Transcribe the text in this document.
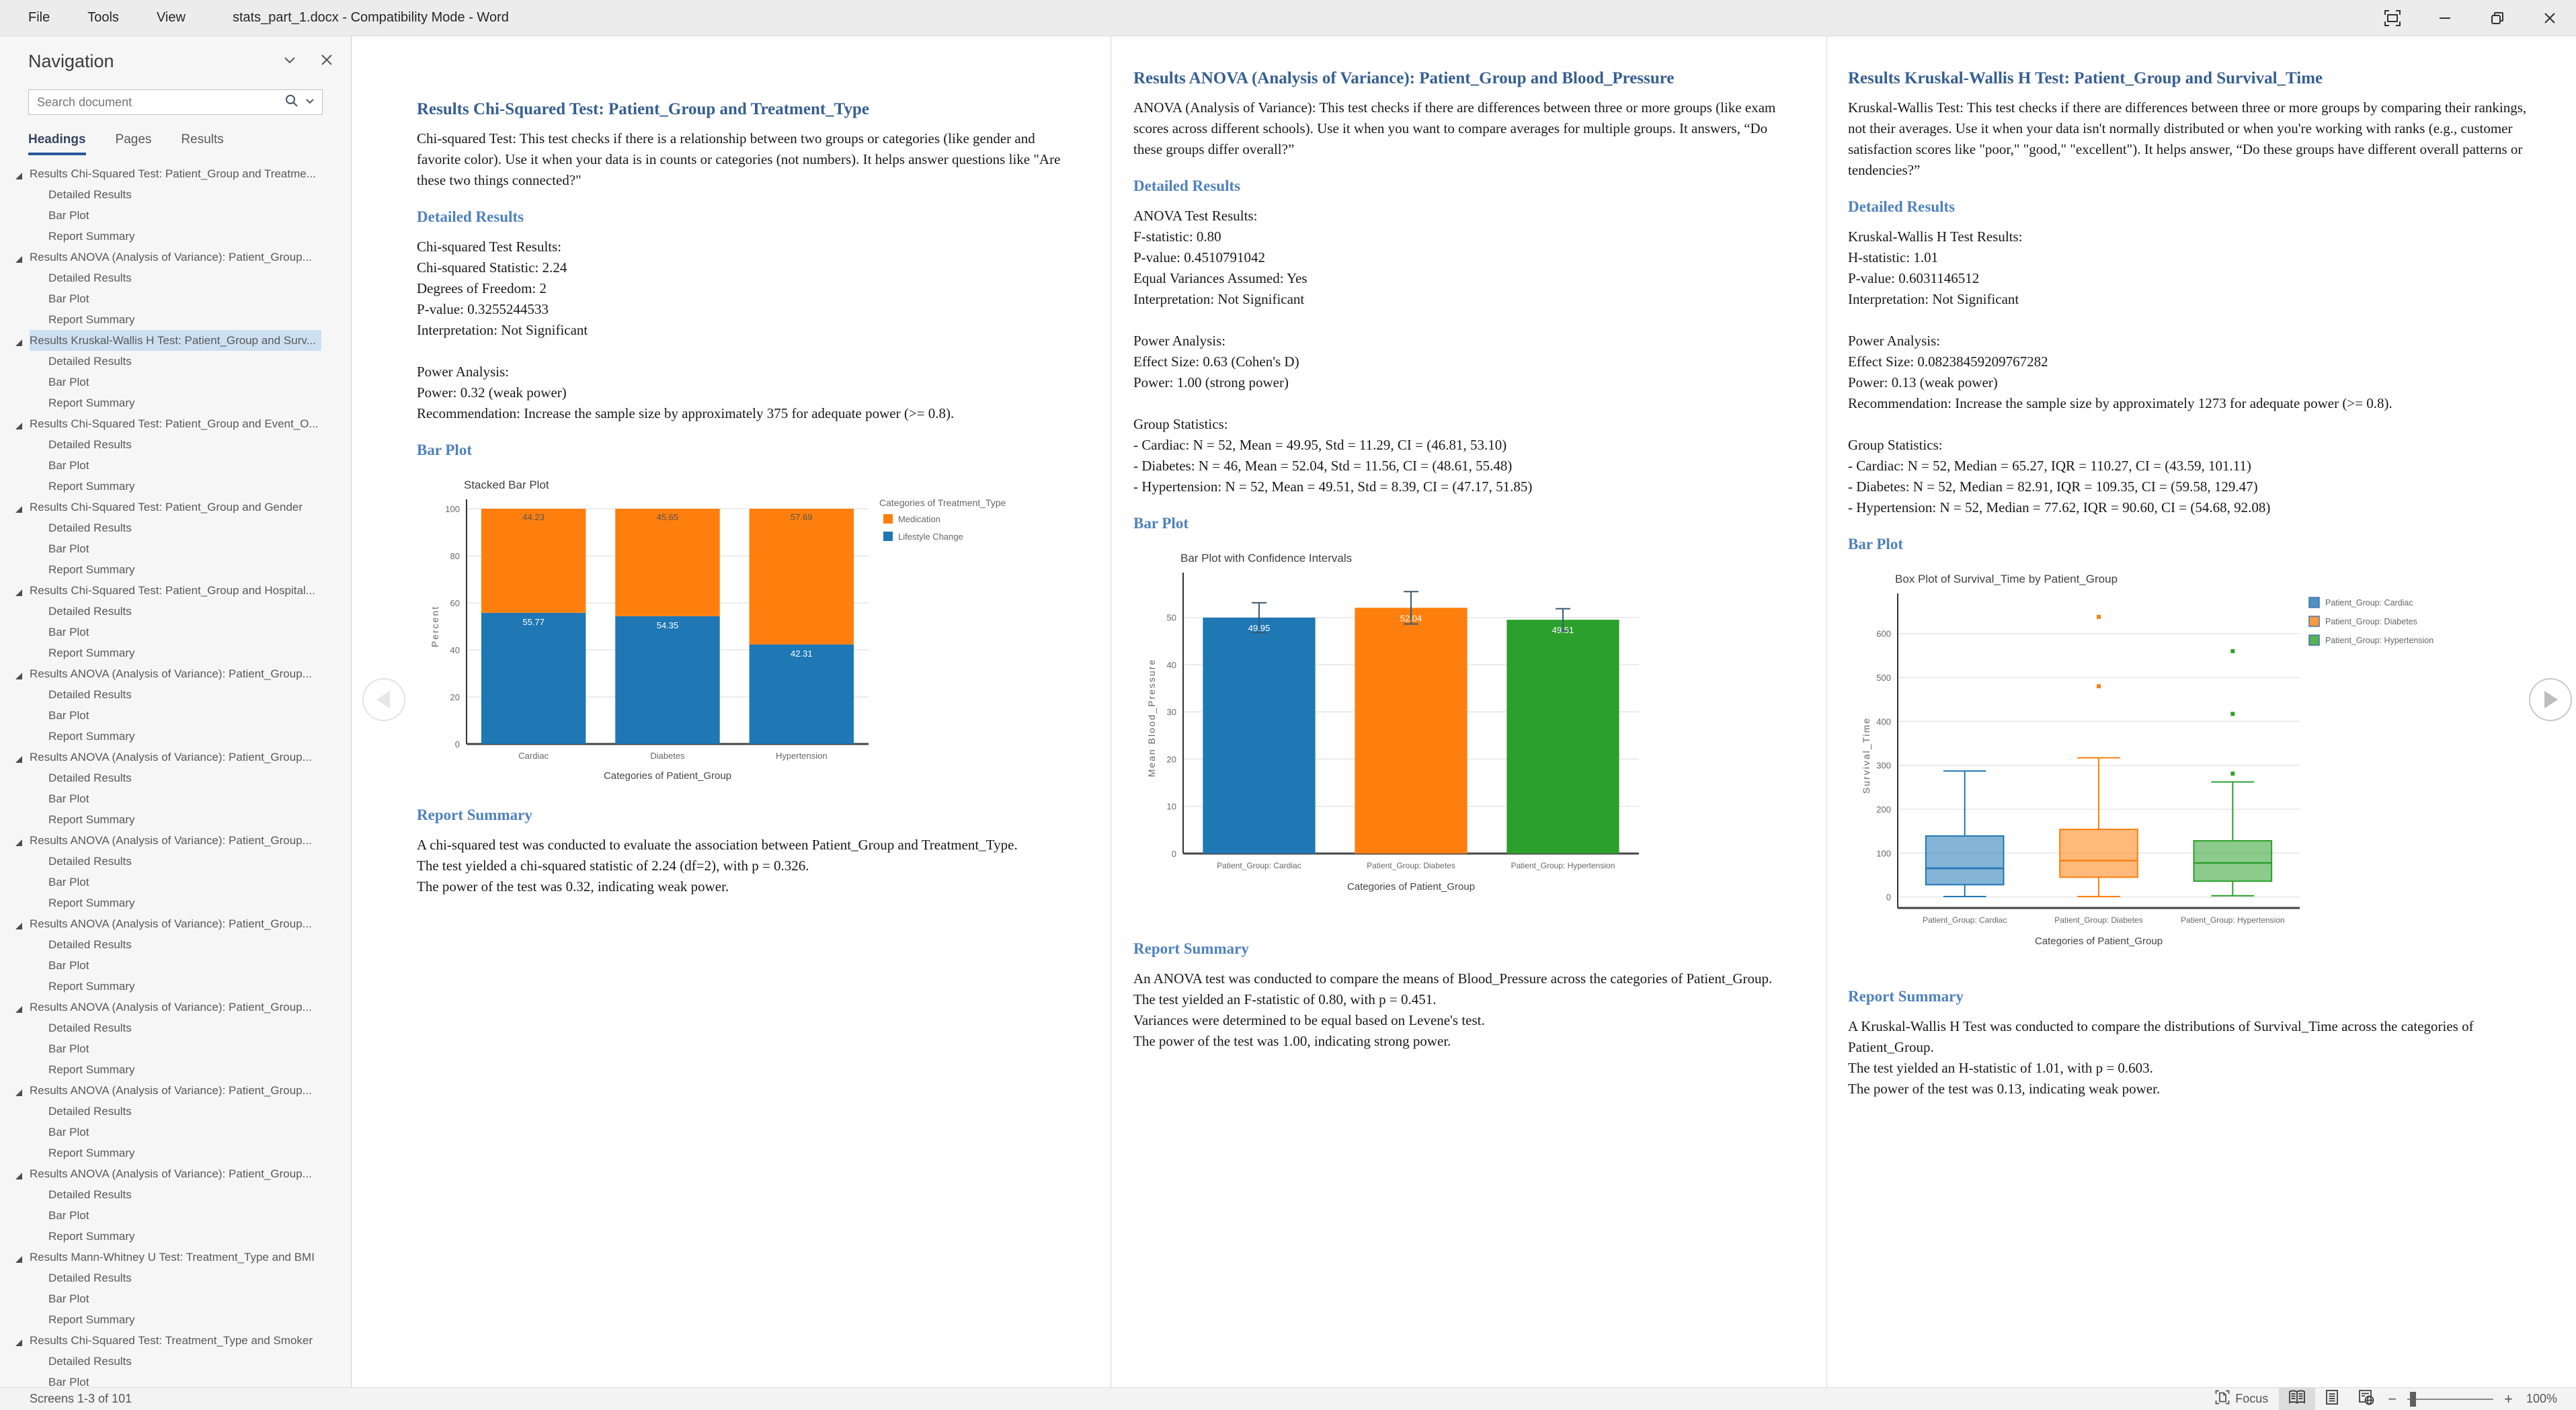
File	Tools	View	stats_part_1.docx - Compatibility Mode - Word
Navigation
Search document
Headings Pages Results
Results Chi-Squared Test: Patient_Group and Treatme...
Detailed Results
Bar Plot
Report Summary
Results ANOVA (Analysis of Variance): Patient_Group...
Detailed Results
Bar Plot
Report Summary
Results Kruskal-Wallis H Test: Patient_Group and Surv...
Detailed Results
Bar Plot
Report Summary
Results Chi-Squared Test: Patient_Group and Event_O...
Detailed Results
Bar Plot
Report Summary
Results Chi-Squared Test: Patient_Group and Gender
Detailed Results
Bar Plot
Report Summary
Results Chi-Squared Test: Patient_Group and Hospital...
Detailed Results
Bar Plot
Report Summary
Results ANOVA (Analysis of Variance): Patient_Group...
Detailed Results
Bar Plot
Report Summary
Results ANOVA (Analysis of Variance): Patient_Group...
Detailed Results
Bar Plot
Report Summary
Results ANOVA (Analysis of Variance): Patient_Group...
Detailed Results
Bar Plot
Report Summary
Results ANOVA (Analysis of Variance): Patient_Group...
Detailed Results
Bar Plot
Report Summary
Results ANOVA (Analysis of Variance): Patient_Group...
Detailed Results
Bar Plot
Report Summary
Results ANOVA (Analysis of Variance): Patient_Group...
Detailed Results
Bar Plot
Report Summary
Results ANOVA (Analysis of Variance): Patient_Group...
Detailed Results
Bar Plot
Report Summary
Results Mann-Whitney U Test: Treatment_Type and BMI
Detailed Results
Bar Plot
Report Summary
Results Chi-Squared Test: Treatment_Type and Smoker
Detailed Results
Bar Plot
Results Chi-Squared Test: Patient_Group and Treatment_Type
Chi-squared Test: This test checks if there is a relationship between two groups or categories (like gender and favorite color). Use it when your data is in counts or categories (not numbers). It helps answer questions like "Are these two things connected?"
Detailed Results
Chi-squared Test Results:
Chi-squared Statistic: 2.24
Degrees of Freedom: 2
P-value: 0.3255244533
Interpretation: Not Significant

Power Analysis:
Power: 0.32 (weak power)
Recommendation: Increase the sample size by approximately 375 for adequate power (>= 0.8).
Bar Plot
Stacked Bar Plot
0
20
40
60
80
100
Percent	55.77
44.23
Cardiac
54.35
45.65
Diabetes
42.31
57.69
Hypertension
Categories of Patient_Group
Categories of Treatment_Type
Medication
Lifestyle Change
Report Summary
A chi-squared test was conducted to evaluate the association between Patient_Group and Treatment_Type.
The test yielded a chi-squared statistic of 2.24 (df=2), with p = 0.326.
The power of the test was 0.32, indicating weak power.
Results ANOVA (Analysis of Variance): Patient_Group and Blood_Pressure
ANOVA (Analysis of Variance): This test checks if there are differences between three or more groups (like exam scores across different schools). Use it when you want to compare averages for multiple groups. It answers, “Do these groups differ overall?”
Detailed Results
ANOVA Test Results:
F-statistic: 0.80
P-value: 0.4510791042
Equal Variances Assumed: Yes
Interpretation: Not Significant

Power Analysis:
Effect Size: 0.63 (Cohen's D)
Power: 1.00 (strong power)

Group Statistics:
- Cardiac: N = 52, Mean = 49.95, Std = 11.29, CI = (46.81, 53.10)
- Diabetes: N = 46, Mean = 52.04, Std = 11.56, CI = (48.61, 55.48)
- Hypertension: N = 52, Mean = 49.51, Std = 8.39, CI = (47.17, 51.85)
Bar Plot
Bar Plot with Confidence Intervals
0
10
20
30
40
50
Mean Blood_Pressure
49.95
Patient_Group: Cardiac
52.04
Patient_Group: Diabetes
49.51
Patient_Group: Hypertension
Categories of Patient_Group
Report Summary
An ANOVA test was conducted to compare the means of Blood_Pressure across the categories of Patient_Group.
The test yielded an F-statistic of 0.80, with p = 0.451.
Variances were determined to be equal based on Levene's test.
The power of the test was 1.00, indicating strong power.
Results Kruskal-Wallis H Test: Patient_Group and Survival_Time
Kruskal-Wallis Test: This test checks if there are differences between three or more groups by comparing their rankings, not their averages. Use it when your data isn't normally distributed or when you're working with ranks (e.g., customer satisfaction scores like "poor," "good," "excellent"). It helps answer, “Do these groups have different overall patterns or tendencies?”
Detailed Results
Kruskal-Wallis H Test Results:
H-statistic: 1.01
P-value: 0.6031146512
Interpretation: Not Significant

Power Analysis:
Effect Size: 0.08238459209767282
Power: 0.13 (weak power)
Recommendation: Increase the sample size by approximately 1273 for adequate power (>= 0.8).

Group Statistics:
- Cardiac: N = 52, Median = 65.27, IQR = 110.27, CI = (43.59, 101.11)
- Diabetes: N = 52, Median = 82.91, IQR = 109.35, CI = (59.58, 129.47)
- Hypertension: N = 52, Median = 77.62, IQR = 90.60, CI = (54.68, 92.08)
Bar Plot
Box Plot of Survival_Time by Patient_Group
0
100
200
300
400
500
600
Survival_Time
Patient_Group: Cardiac	Patient_Group: Diabetes	Patient_Group: Hypertension
Categories of Patient_Group
Patient_Group: Cardiac
Patient_Group: Diabetes
Patient_Group: Hypertension
Report Summary
A Kruskal-Wallis H Test was conducted to compare the distributions of Survival_Time across the categories of Patient_Group.
The test yielded an H-statistic of 1.01, with p = 0.603.
The power of the test was 0.13, indicating weak power.
Screens 1-3 of 101	Focus	−	+	100%
